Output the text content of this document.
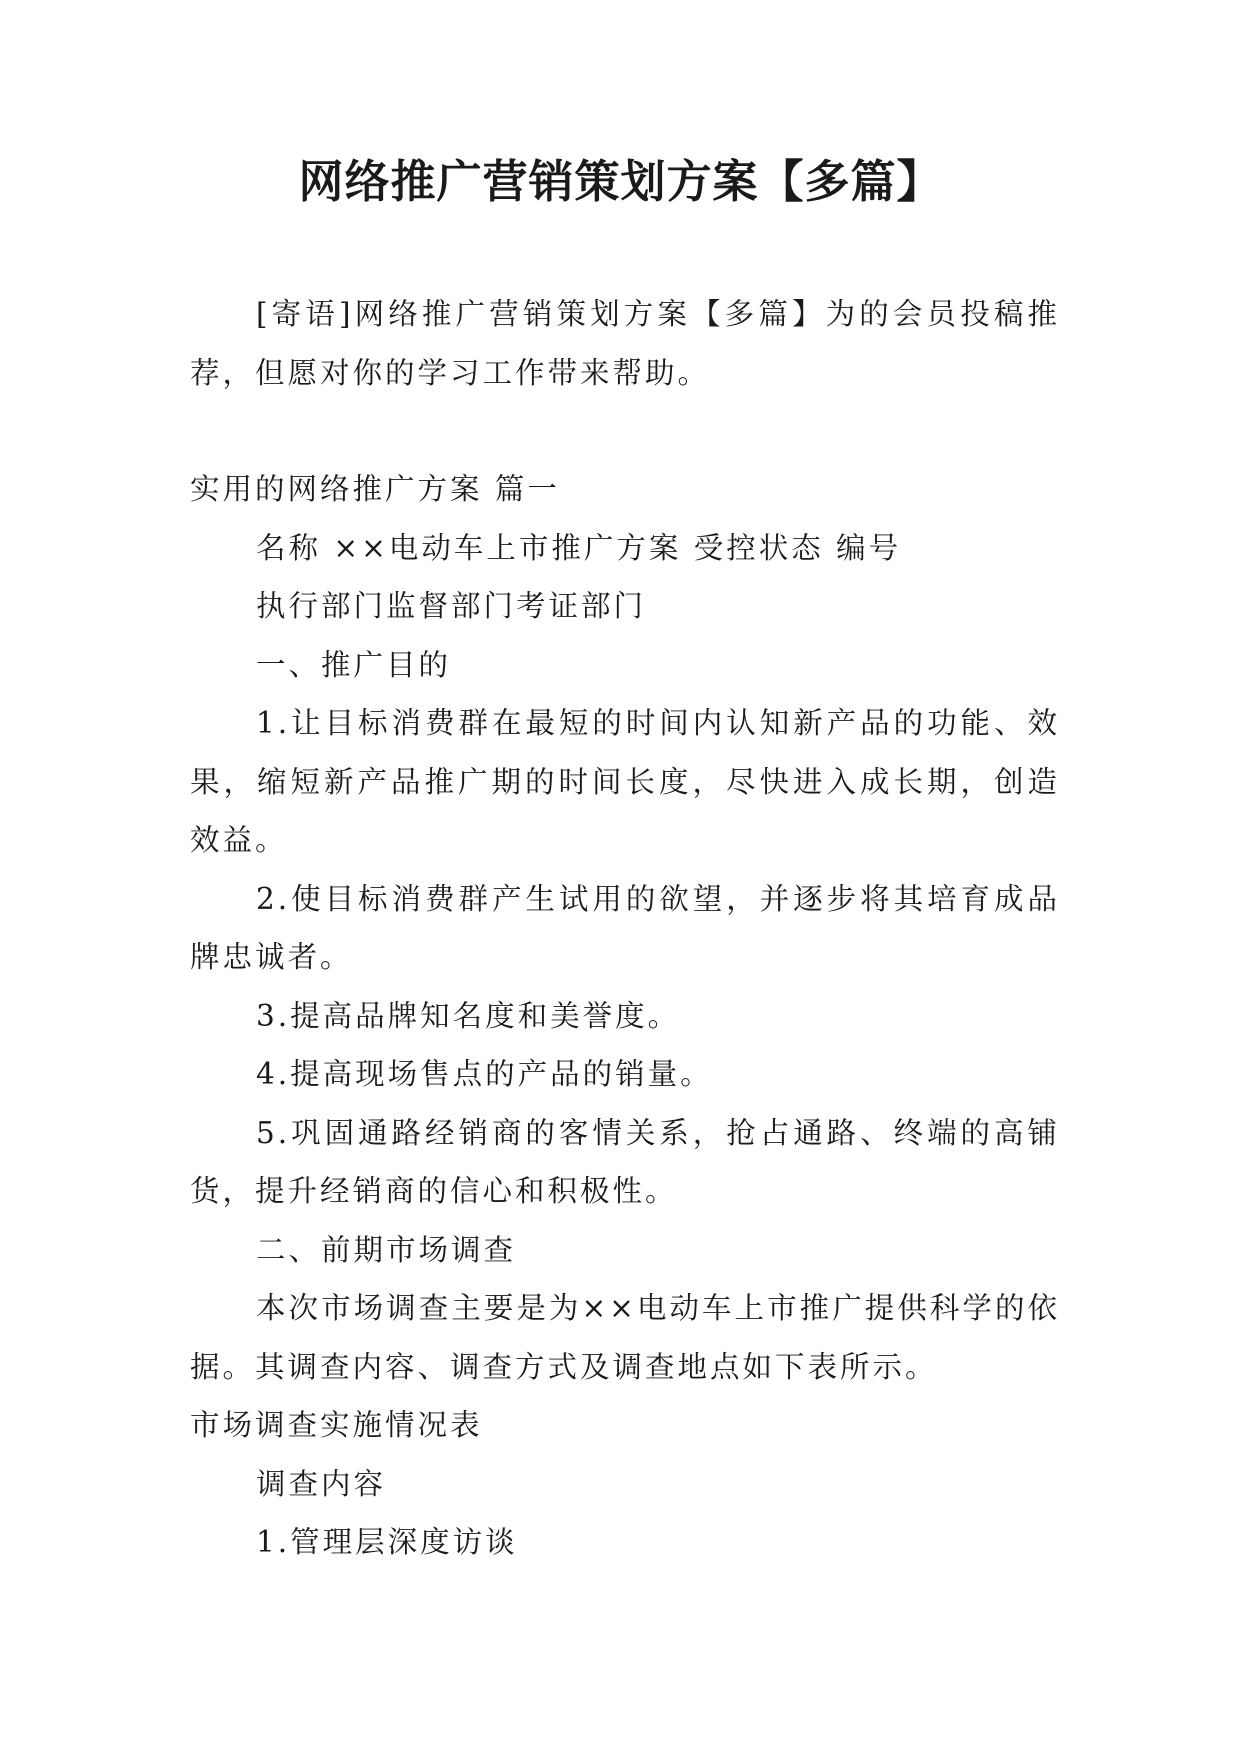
网络推广营销策划方案【多篇】

[寄语]网络推广营销策划方案【多篇】为的会员投稿推荐，但愿对你的学习工作带来帮助。

实用的网络推广方案 篇一

名称 ××电动车上市推广方案 受控状态 编号

执行部门监督部门考证部门

一、推广目的

1.让目标消费群在最短的时间内认知新产品的功能、效果，缩短新产品推广期的时间长度，尽快进入成长期，创造效益。

2.使目标消费群产生试用的欲望，并逐步将其培育成品牌忠诚者。

3.提高品牌知名度和美誉度。

4.提高现场售点的产品的销量。

5.巩固通路经销商的客情关系，抢占通路、终端的高铺货，提升经销商的信心和积极性。

二、前期市场调查

本次市场调查主要是为××电动车上市推广提供科学的依据。其调查内容、调查方式及调查地点如下表所示。

市场调查实施情况表

调查内容

1.管理层深度访谈
